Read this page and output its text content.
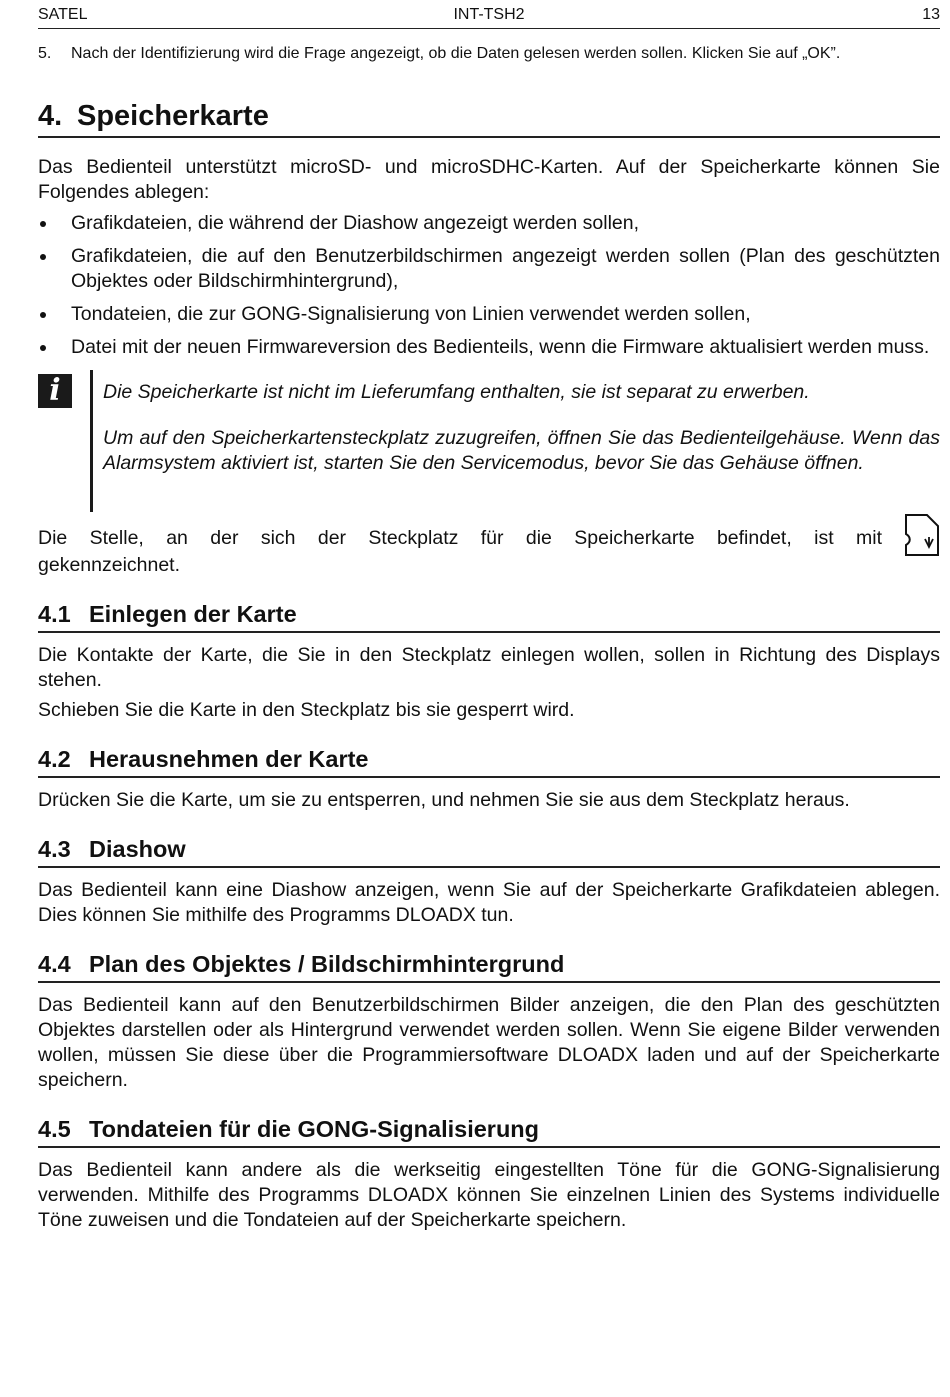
SATEL	INT-TSH2	13
5. Nach der Identifizierung wird die Frage angezeigt, ob die Daten gelesen werden sollen. Klicken Sie auf „OK”.
4. Speicherkarte

Das Bedienteil unterstützt microSD- und microSDHC-Karten. Auf der Speicherkarte können Sie Folgendes ablegen:

Grafikdateien, die während der Diashow angezeigt werden sollen,
Grafikdateien, die auf den Benutzerbildschirmen angezeigt werden sollen (Plan des geschützten Objektes oder Bildschirmhintergrund),
Tondateien, die zur GONG-Signalisierung von Linien verwendet werden sollen,
Datei mit der neuen Firmwareversion des Bedienteils, wenn die Firmware aktualisiert werden muss.
i	Die Speicherkarte ist nicht im Lieferumfang enthalten, sie ist separat zu erwerben.

Um auf den Speicherkartensteckplatz zuzugreifen, öffnen Sie das Bedienteilgehäuse. Wenn das Alarmsystem aktiviert ist, starten Sie den Servicemodus, bevor Sie das Gehäuse öffnen.

Die Stelle, an der sich der Steckplatz für die Speicherkarte befindet, ist mit

gekennzeichnet.

4.1 Einlegen der Karte

Die Kontakte der Karte, die Sie in den Steckplatz einlegen wollen, sollen in Richtung des Displays stehen.

Schieben Sie die Karte in den Steckplatz bis sie gesperrt wird.

4.2 Herausnehmen der Karte

Drücken Sie die Karte, um sie zu entsperren, und nehmen Sie sie aus dem Steckplatz heraus.

4.3 Diashow

Das Bedienteil kann eine Diashow anzeigen, wenn Sie auf der Speicherkarte Grafikdateien ablegen. Dies können Sie mithilfe des Programms DLOADX tun.

4.4 Plan des Objektes / Bildschirmhintergrund

Das Bedienteil kann auf den Benutzerbildschirmen Bilder anzeigen, die den Plan des geschützten Objektes darstellen oder als Hintergrund verwendet werden sollen. Wenn Sie eigene Bilder verwenden wollen, müssen Sie diese über die Programmiersoftware DLOADX laden und auf der Speicherkarte speichern.

4.5 Tondateien für die GONG-Signalisierung

Das Bedienteil kann andere als die werkseitig eingestellten Töne für die GONG-Signalisierung verwenden. Mithilfe des Programms DLOADX können Sie einzelnen Linien des Systems individuelle Töne zuweisen und die Tondateien auf der Speicherkarte speichern.
